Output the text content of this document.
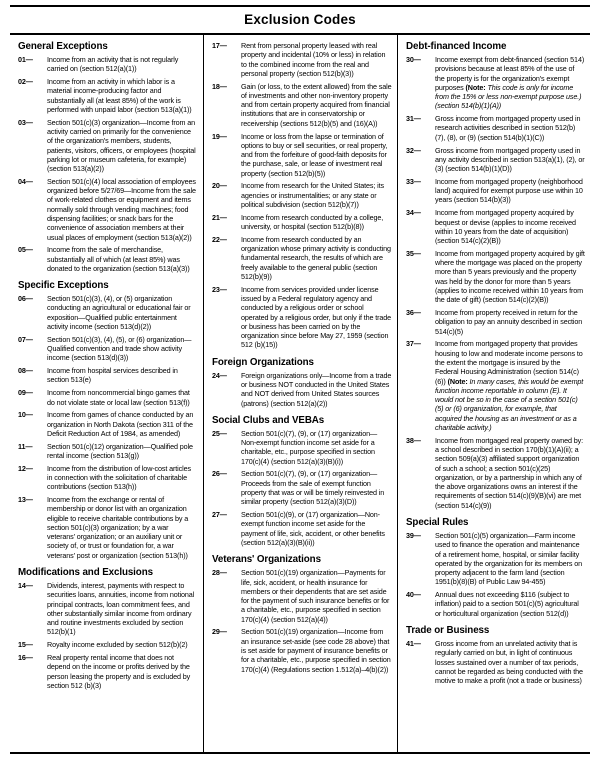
Exclusion Codes
General Exceptions
01—	Income from an activity that is not regularly carried on (section 512(a)(1))
02—	Income from an activity in which labor is a material income-producing factor and substantially all (at least 85%) of the work is performed with unpaid labor (section 513(a)(1))
03—	Section 501(c)(3) organization—Income from an activity carried on primarily for the convenience of the organization's members, students, patients, visitors, officers, or employees (hospital parking lot or museum cafeteria, for example) (section 513(a)(2))
04—	Section 501(c)(4) local association of employees organized before 5/27/69—Income from the sale of work-related clothes or equipment and items normally sold through vending machines; food dispensing facilities; or snack bars for the convenience of association members at their usual places of employment (section 513(a)(2))
05—	Income from the sale of merchandise, substantially all of which (at least 85%) was donated to the organization (section 513(a)(3))
Specific Exceptions
06—	Section 501(c)(3), (4), or (5) organization conducting an agricultural or educational fair or exposition—Qualified public entertainment activity income (section 513(d)(2))
07—	Section 501(c)(3), (4), (5), or (6) organization—Qualified convention and trade show activity income (section 513(d)(3))
08—	Income from hospital services described in section 513(e)
09—	Income from noncommercial bingo games that do not violate state or local law (section 513(f))
10—	Income from games of chance conducted by an organization in North Dakota (section 311 of the Deficit Reduction Act of 1984, as amended)
11—	Section 501(c)(12) organization—Qualified pole rental income (section 513(g))
12—	Income from the distribution of low-cost articles in connection with the solicitation of charitable contributions (section 513(h))
13—	Income from the exchange or rental of membership or donor list with an organization eligible to receive charitable contributions by a section 501(c)(3) organization; by a war veterans' organization; or an auxiliary unit or society of, or trust or foundation for, a war veterans' post or organization (section 513(h))
Modifications and Exclusions
14—	Dividends, interest, payments with respect to securities loans, annuities, income from notional principal contracts, loan commitment fees, and other substantially similar income from ordinary and routine investments excluded by section 512(b)(1)
15—	Royalty income excluded by section 512(b)(2)
16—	Real property rental income that does not depend on the income or profits derived by the person leasing the property and is excluded by section 512 (b)(3)
17—	Rent from personal property leased with real property and incidental (10% or less) in relation to the combined income from the real and personal property (section 512(b)(3))
18—	Gain (or loss, to the extent allowed) from the sale of investments and other non-inventory property and from certain property acquired from financial institutions that are in conservatorship or receivership (sections 512(b)(5) and (16)(A))
19—	Income or loss from the lapse or termination of options to buy or sell securities, or real property, and from the forfeiture of good-faith deposits for the purchase, sale, or lease of investment real property (section 512(b)(5))
20—	Income from research for the United States; its agencies or instrumentalities; or any state or political subdivision (section 512(b)(7))
21—	Income from research conducted by a college, university, or hospital (section 512(b)(8))
22—	Income from research conducted by an organization whose primary activity is conducting fundamental research, the results of which are freely available to the general public (section 512(b)(9))
23—	Income from services provided under license issued by a Federal regulatory agency and conducted by a religious order or school operated by a religious order, but only if the trade or business has been carried on by the organization since before May 27, 1959 (section 512 (b)(15))
Foreign Organizations
24—	Foreign organizations only—Income from a trade or business NOT conducted in the United States and NOT derived from United States sources (patrons) (section 512(a)(2))
Social Clubs and VEBAs
25—	Section 501(c)(7), (9), or (17) organization—Non-exempt function income set aside for a charitable, etc., purpose specified in section 170(c)(4) (section 512(a)(3)(B)(i))
26—	Section 501(c)(7), (9), or (17) organization—Proceeds from the sale of exempt function property that was or will be timely reinvested in similar property (section 512(a)(3)(D))
27—	Section 501(c)(9), or (17) organization—Non-exempt function income set aside for the payment of life, sick, accident, or other benefits (section 512(a)(3)(B)(ii))
Veterans' Organizations
28—	Section 501(c)(19) organization—Payments for life, sick, accident, or health insurance for members or their dependents that are set aside for the payment of such insurance benefits or for a charitable, etc., purpose specified in section 170(c)(4) (section 512(a)(4))
29—	Section 501(c)(19) organization—Income from an insurance set-aside (see code 28 above) that is set aside for payment of insurance benefits or for a charitable, etc., purpose specified in section 170(c)(4) (Regulations section 1.512(a)–4(b)(2))
Debt-financed Income
30—	Income exempt from debt-financed (section 514) provisions because at least 85% of the use of the property is for the organization's exempt purposes (Note: This code is only for income from the 15% or less non-exempt purpose use.) (section 514(b)(1)(A))
31—	Gross income from mortgaged property used in research activities described in section 512(b)(7), (8), or (9) (section 514(b)(1)(C))
32—	Gross income from mortgaged property used in any activity described in section 513(a)(1), (2), or (3) (section 514(b)(1)(D))
33—	Income from mortgaged property (neighborhood land) acquired for exempt purpose use within 10 years (section 514(b)(3))
34—	Income from mortgaged property acquired by bequest or devise (applies to income received within 10 years from the date of acquisition) (section 514(c)(2)(B))
35—	Income from mortgaged property acquired by gift where the mortgage was placed on the property more than 5 years previously and the property was held by the donor for more than 5 years (applies to income received within 10 years from the date of gift) (section 514(c)(2)(B))
36—	Income from property received in return for the obligation to pay an annuity described in section 514(c)(5)
37—	Income from mortgaged property that provides housing to low and moderate income persons to the extent the mortgage is insured by the Federal Housing Administration (section 514(c)(6)) (Note: In many cases, this would be exempt function income reportable in column (E). It would not be so in the case of a section 501(c)(5) or (6) organization, for example, that acquired the housing as an investment or as a charitable activity.)
38—	Income from mortgaged real property owned by: a school described in section 170(b)(1)(A)(ii); a section 509(a)(3) affiliated support organization of such a school; a section 501(c)(25) organization, or by a partnership in which any of the above organizations owns an interest if the requirements of section 514(c)(9)(B)(vi) are met (section 514(c)(9))
Special Rules
39—	Section 501(c)(5) organization—Farm income used to finance the operation and maintenance of a retirement home, hospital, or similar facility operated by the organization for its members on property adjacent to the farm land (section 1951(b)(8)(B) of Public Law 94-455)
40—	Annual dues not exceeding $116 (subject to inflation) paid to a section 501(c)(5) agricultural or horticultural organization (section 512(d))
Trade or Business
41—	Gross income from an unrelated activity that is regularly carried on but, in light of continuous losses sustained over a number of tax periods, cannot be regarded as being conducted with the motive to make a profit (not a trade or business)
